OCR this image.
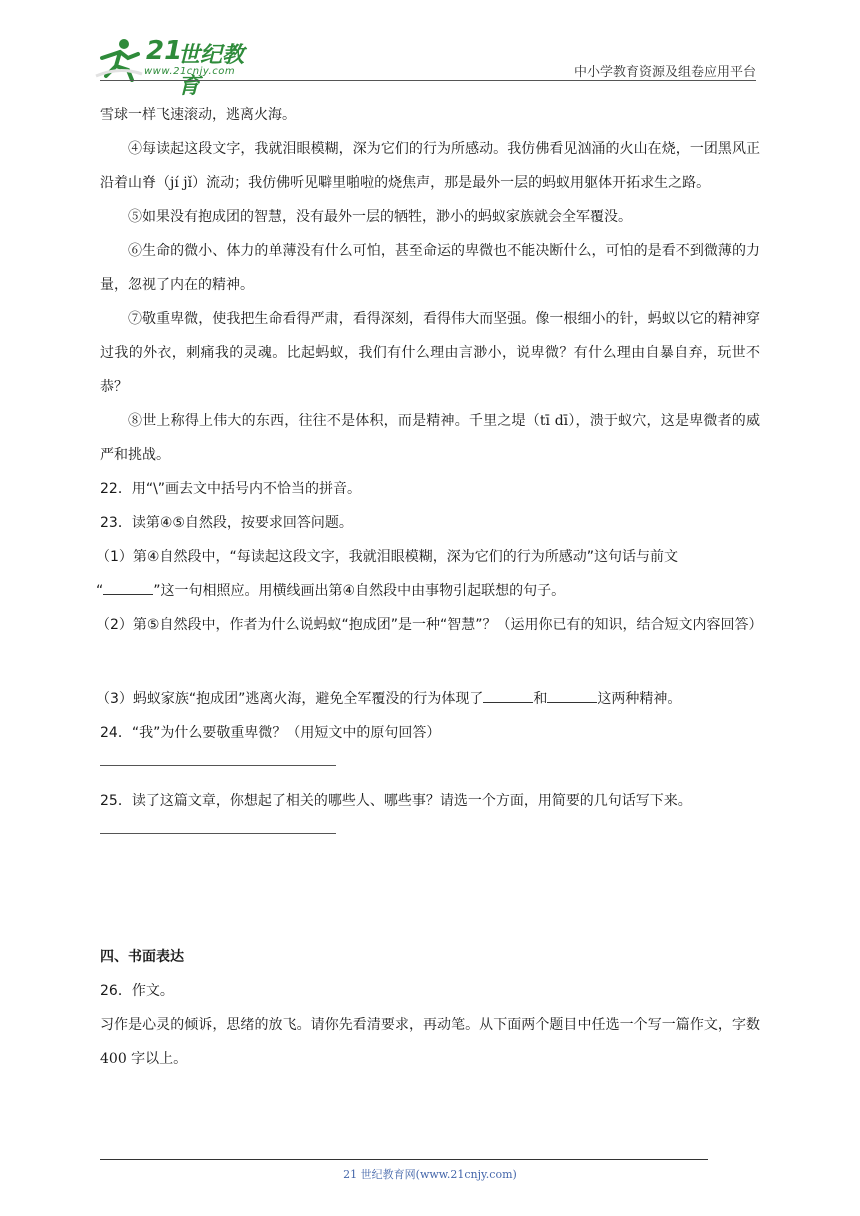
21
世纪教育
www.21cnjy.com	中小学教育资源及组卷应用平台

雪球一样飞速滚动，逃离火海。

④每读起这段文字，我就泪眼模糊，深为它们的行为所感动。我仿佛看见汹涌的火山在烧，一团黑风正沿着山脊（jí jǐ）流动；我仿佛听见噼里啪啦的烧焦声，那是最外一层的蚂蚁用躯体开拓求生之路。

⑤如果没有抱成团的智慧，没有最外一层的牺牲，渺小的蚂蚁家族就会全军覆没。

⑥生命的微小、体力的单薄没有什么可怕，甚至命运的卑微也不能决断什么，可怕的是看不到微薄的力量，忽视了内在的精神。

⑦敬重卑微，使我把生命看得严肃，看得深刻，看得伟大而坚强。像一根细小的针，蚂蚁以它的精神穿过我的外衣，刺痛我的灵魂。比起蚂蚁，我们有什么理由言渺小，说卑微？有什么理由自暴自弃，玩世不恭？

⑧世上称得上伟大的东西，往往不是体积，而是精神。千里之堤（tī dī），溃于蚁穴，这是卑微者的威严和挑战。

22．用“\”画去文中括号内不恰当的拼音。

23．读第④⑤自然段，按要求回答问题。

（1）第④自然段中，“每读起这段文字，我就泪眼模糊，深为它们的行为所感动”这句话与前文

“	”这一句相照应。用横线画出第④自然段中由事物引起联想的句子。

（2）第⑤自然段中，作者为什么说蚂蚁“抱成团”是一种“智慧”？（运用你已有的知识，结合短文内容回答）

（3）蚂蚁家族“抱成团”逃离火海，避免全军覆没的行为体现了	和	这两种精神。

24．“我”为什么要敬重卑微？（用短文中的原句回答）

25．读了这篇文章，你想起了相关的哪些人、哪些事？请选一个方面，用简要的几句话写下来。

四、书面表达

26．作文。

习作是心灵的倾诉，思绪的放飞。请你先看清要求，再动笔。从下面两个题目中任选一个写一篇作文，字数 400 字以上。

21 世纪教育网(www.21cnjy.com)
